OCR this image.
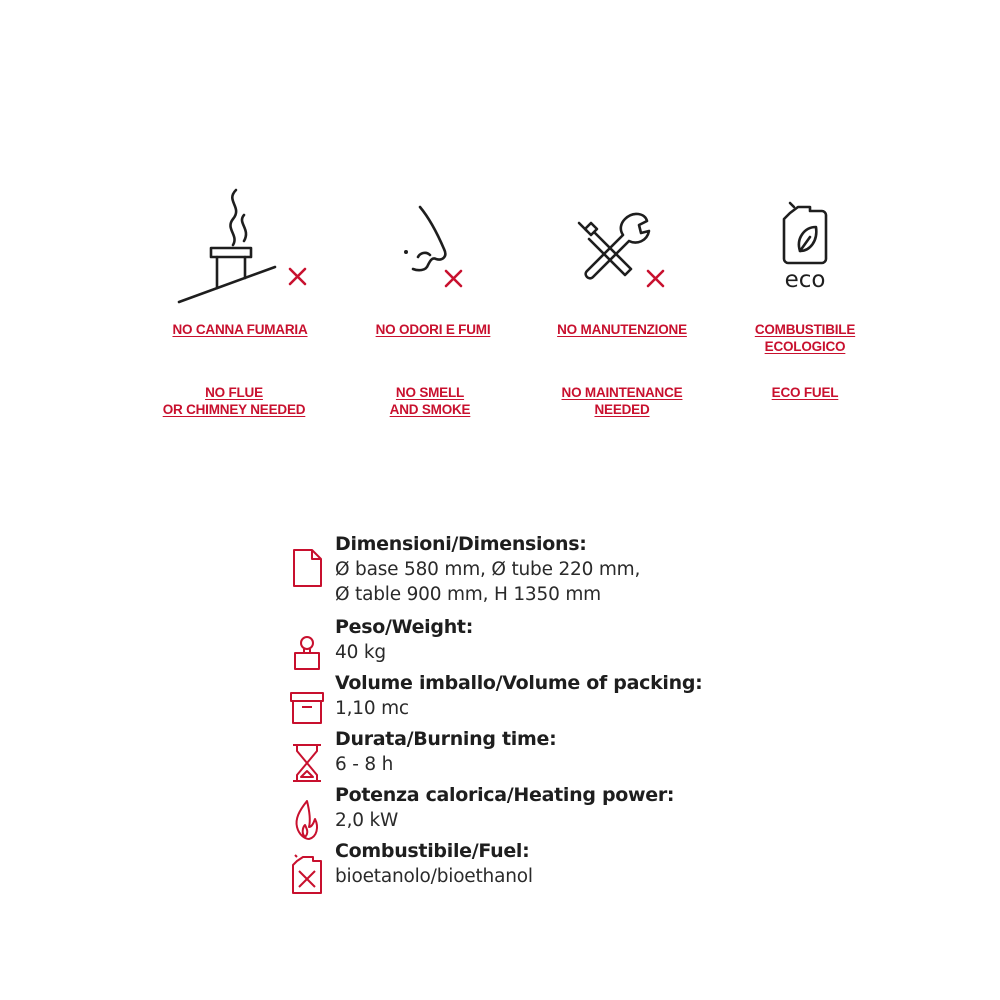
NO CANNA FUMARIA
NO FLUE
OR CHIMNEY NEEDED
NO ODORI E FUMI
NO SMELL
AND SMOKE
NO MANUTENZIONE
NO MAINTENANCE
NEEDED
eco
COMBUSTIBILE
ECOLOGICO
ECO FUEL
Dimensioni/Dimensions:
Ø base 580 mm, Ø tube 220 mm,
Ø table 900 mm, H 1350 mm
Peso/Weight:
40 kg
Volume imballo/Volume of packing:
1,10 mc
Durata/Burning time:
6 - 8 h
Potenza calorica/Heating power:
2,0 kW
Combustibile/Fuel:
bioetanolo/bioethanol
